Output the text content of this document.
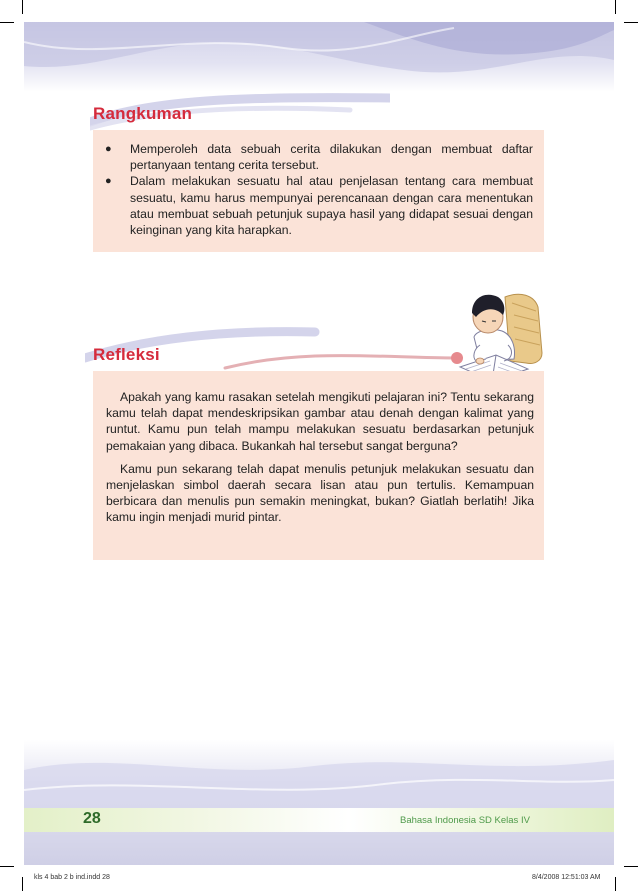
Rangkuman
● Memperoleh data sebuah cerita dilakukan dengan membuat daftar pertanyaan tentang cerita tersebut.
● Dalam melakukan sesuatu hal atau penjelasan tentang cara membuat sesuatu, kamu harus mempunyai perencanaan dengan cara menentukan atau membuat sebuah petunjuk supaya hasil yang didapat sesuai dengan keinginan yang kita harapkan.
Refleksi

Apakah yang kamu rasakan setelah mengikuti pelajaran ini? Tentu sekarang kamu telah dapat mendeskripsikan gambar atau denah dengan kalimat yang runtut. Kamu pun telah mampu melakukan sesuatu berdasarkan petunjuk pemakaian yang dibaca. Bukankah hal tersebut sangat berguna?

Kamu pun sekarang telah dapat menulis petunjuk melakukan sesuatu dan menjelaskan simbol daerah secara lisan atau pun tertulis. Kemampuan berbicara dan menulis pun semakin meningkat, bukan? Giatlah berlatih! Jika kamu ingin menjadi murid pintar.

28	Bahasa Indonesia SD Kelas IV
kls 4 bab 2 b ind.indd 28	8/4/2008 12:51:03 AM
